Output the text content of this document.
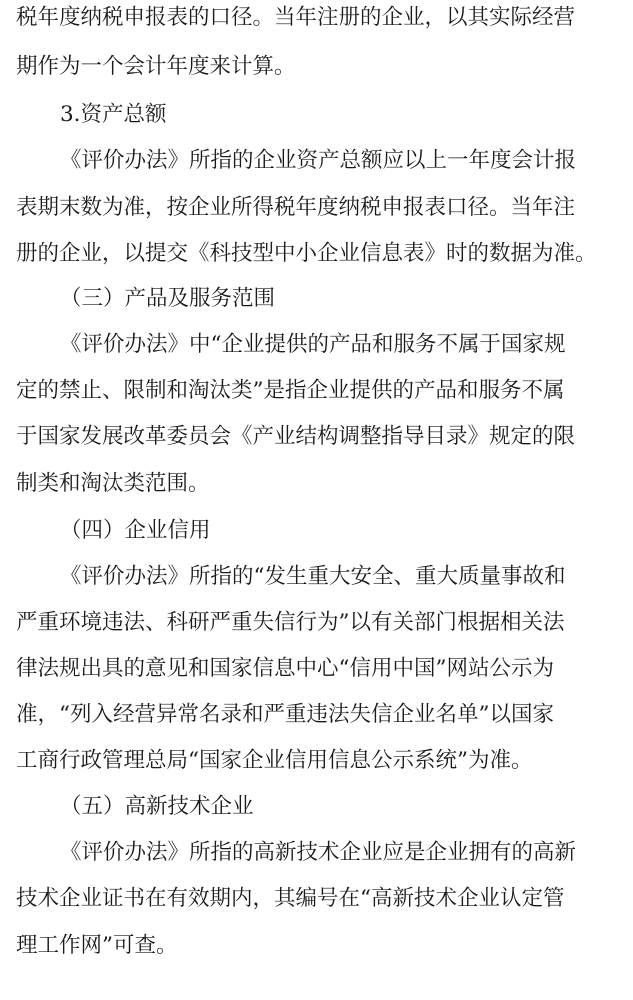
税年度纳税申报表的口径。当年注册的企业，以其实际经营
期作为一个会计年度来计算。
3.资产总额
《评价办法》所指的企业资产总额应以上一年度会计报
表期末数为准，按企业所得税年度纳税申报表口径。当年注
册的企业，以提交《科技型中小企业信息表》时的数据为准。
（三）产品及服务范围
《评价办法》中“企业提供的产品和服务不属于国家规
定的禁止、限制和淘汰类”是指企业提供的产品和服务不属
于国家发展改革委员会《产业结构调整指导目录》规定的限
制类和淘汰类范围。
（四）企业信用
《评价办法》所指的“发生重大安全、重大质量事故和
严重环境违法、科研严重失信行为”以有关部门根据相关法
律法规出具的意见和国家信息中心“信用中国”网站公示为
准，“列入经营异常名录和严重违法失信企业名单”以国家
工商行政管理总局“国家企业信用信息公示系统”为准。
（五）高新技术企业
《评价办法》所指的高新技术企业应是企业拥有的高新
技术企业证书在有效期内，其编号在“高新技术企业认定管
理工作网”可查。
